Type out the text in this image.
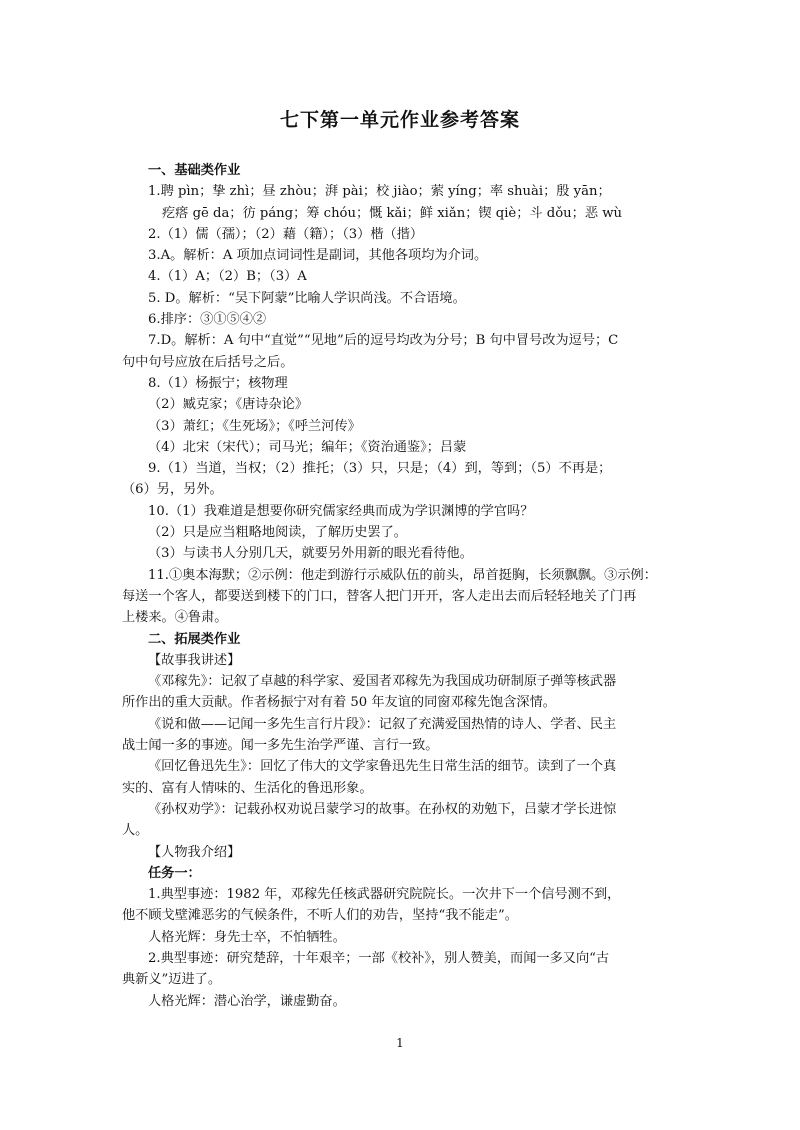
七下第一单元作业参考答案
一、基础类作业
1.聘 pìn；挚 zhì；昼 zhòu；湃 pài；校 jiào；萦 yíng；率 shuài；殷 yān；
疙瘩 gē da；彷 páng；筹 chóu；慨 kǎi；鲜 xiǎn；锲 qiè；斗 dǒu；恶 wù
2.（1）儒（孺）；（2）藉（籍）；（3）楷（揩）
3.A。解析：A 项加点词词性是副词，其他各项均为介词。
4.（1）A；（2）B；（3）A
5. D。解析：“吴下阿蒙”比喻人学识尚浅。不合语境。
6.排序：③①⑤④②
7.D。解析：A 句中“直觉”“见地”后的逗号均改为分号；B 句中冒号改为逗号；C
句中句号应放在后括号之后。
8.（1）杨振宁；核物理
（2）臧克家；《唐诗杂论》
（3）萧红；《生死场》；《呼兰河传》
（4）北宋（宋代）；司马光；编年；《资治通鉴》；吕蒙
9.（1）当道，当权；（2）推托；（3）只，只是；（4）到，等到；（5）不再是；
（6）另，另外。
10.（1）我难道是想要你研究儒家经典而成为学识渊博的学官吗？
（2）只是应当粗略地阅读，了解历史罢了。
（3）与读书人分别几天，就要另外用新的眼光看待他。
11.①奥本海默；②示例：他走到游行示威队伍的前头，昂首挺胸，长须飘飘。③示例：
每送一个客人，都要送到楼下的门口，替客人把门开开，客人走出去而后轻轻地关了门再
上楼来。④鲁肃。
二、拓展类作业
【故事我讲述】
《邓稼先》：记叙了卓越的科学家、爱国者邓稼先为我国成功研制原子弹等核武器
所作出的重大贡献。作者杨振宁对有着 50 年友谊的同窗邓稼先饱含深情。
《说和做——记闻一多先生言行片段》：记叙了充满爱国热情的诗人、学者、民主
战士闻一多的事迹。闻一多先生治学严谨、言行一致。
《回忆鲁迅先生》：回忆了伟大的文学家鲁迅先生日常生活的细节。读到了一个真
实的、富有人情味的、生活化的鲁迅形象。
《孙权劝学》：记载孙权劝说吕蒙学习的故事。在孙权的劝勉下，吕蒙才学长进惊
人。
【人物我介绍】
任务一：
1.典型事迹：1982 年，邓稼先任核武器研究院院长。一次井下一个信号测不到，
他不顾戈壁滩恶劣的气候条件，不听人们的劝告，坚持“我不能走”。
人格光辉：身先士卒，不怕牺牲。
2.典型事迹：研究楚辞，十年艰辛；一部《校补》，别人赞美，而闻一多又向“古
典新义”迈进了。
人格光辉：潜心治学，谦虚勤奋。
1
